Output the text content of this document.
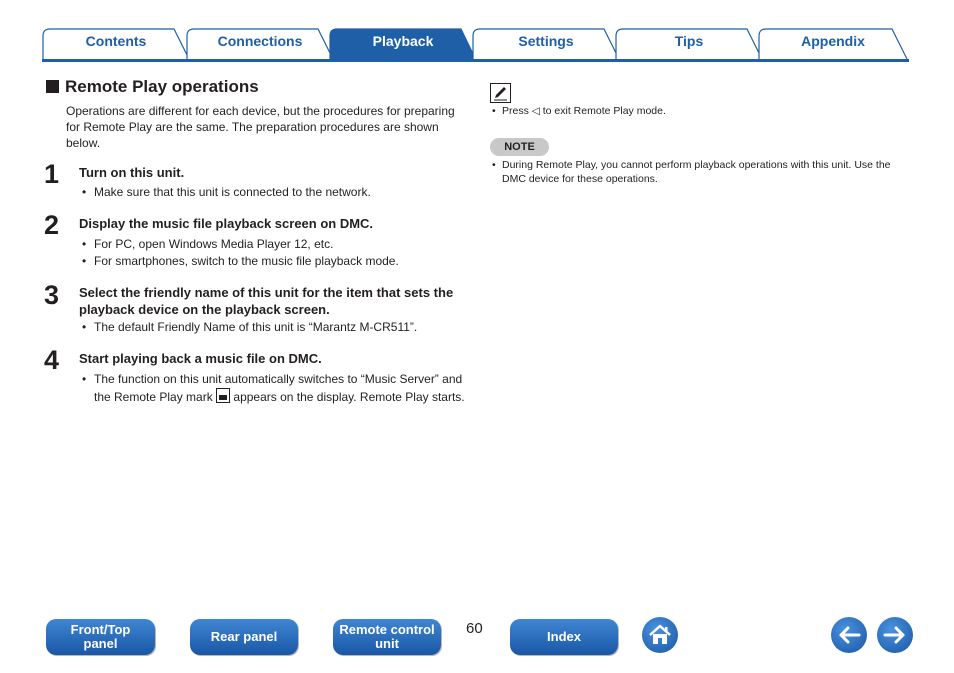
Contents	Connections	Playback	Settings	Tips	Appendix
Remote Play operations
Operations are different for each device, but the procedures for preparing for Remote Play are the same. The preparation procedures are shown below.
1 Turn on this unit.
• Make sure that this unit is connected to the network.
2 Display the music file playback screen on DMC.
• For PC, open Windows Media Player 12, etc.
• For smartphones, switch to the music file playback mode.
3 Select the friendly name of this unit for the item that sets the playback device on the playback screen.
• The default Friendly Name of this unit is “Marantz M-CR511”.
4 Start playing back a music file on DMC.
• The function on this unit automatically switches to “Music Server” and the Remote Play mark appears on the display. Remote Play starts.
• Press ◁ to exit Remote Play mode.
NOTE
• During Remote Play, you cannot perform playback operations with this unit. Use the DMC device for these operations.
Front/Top panel	Rear panel	Remote control unit
60	Index
